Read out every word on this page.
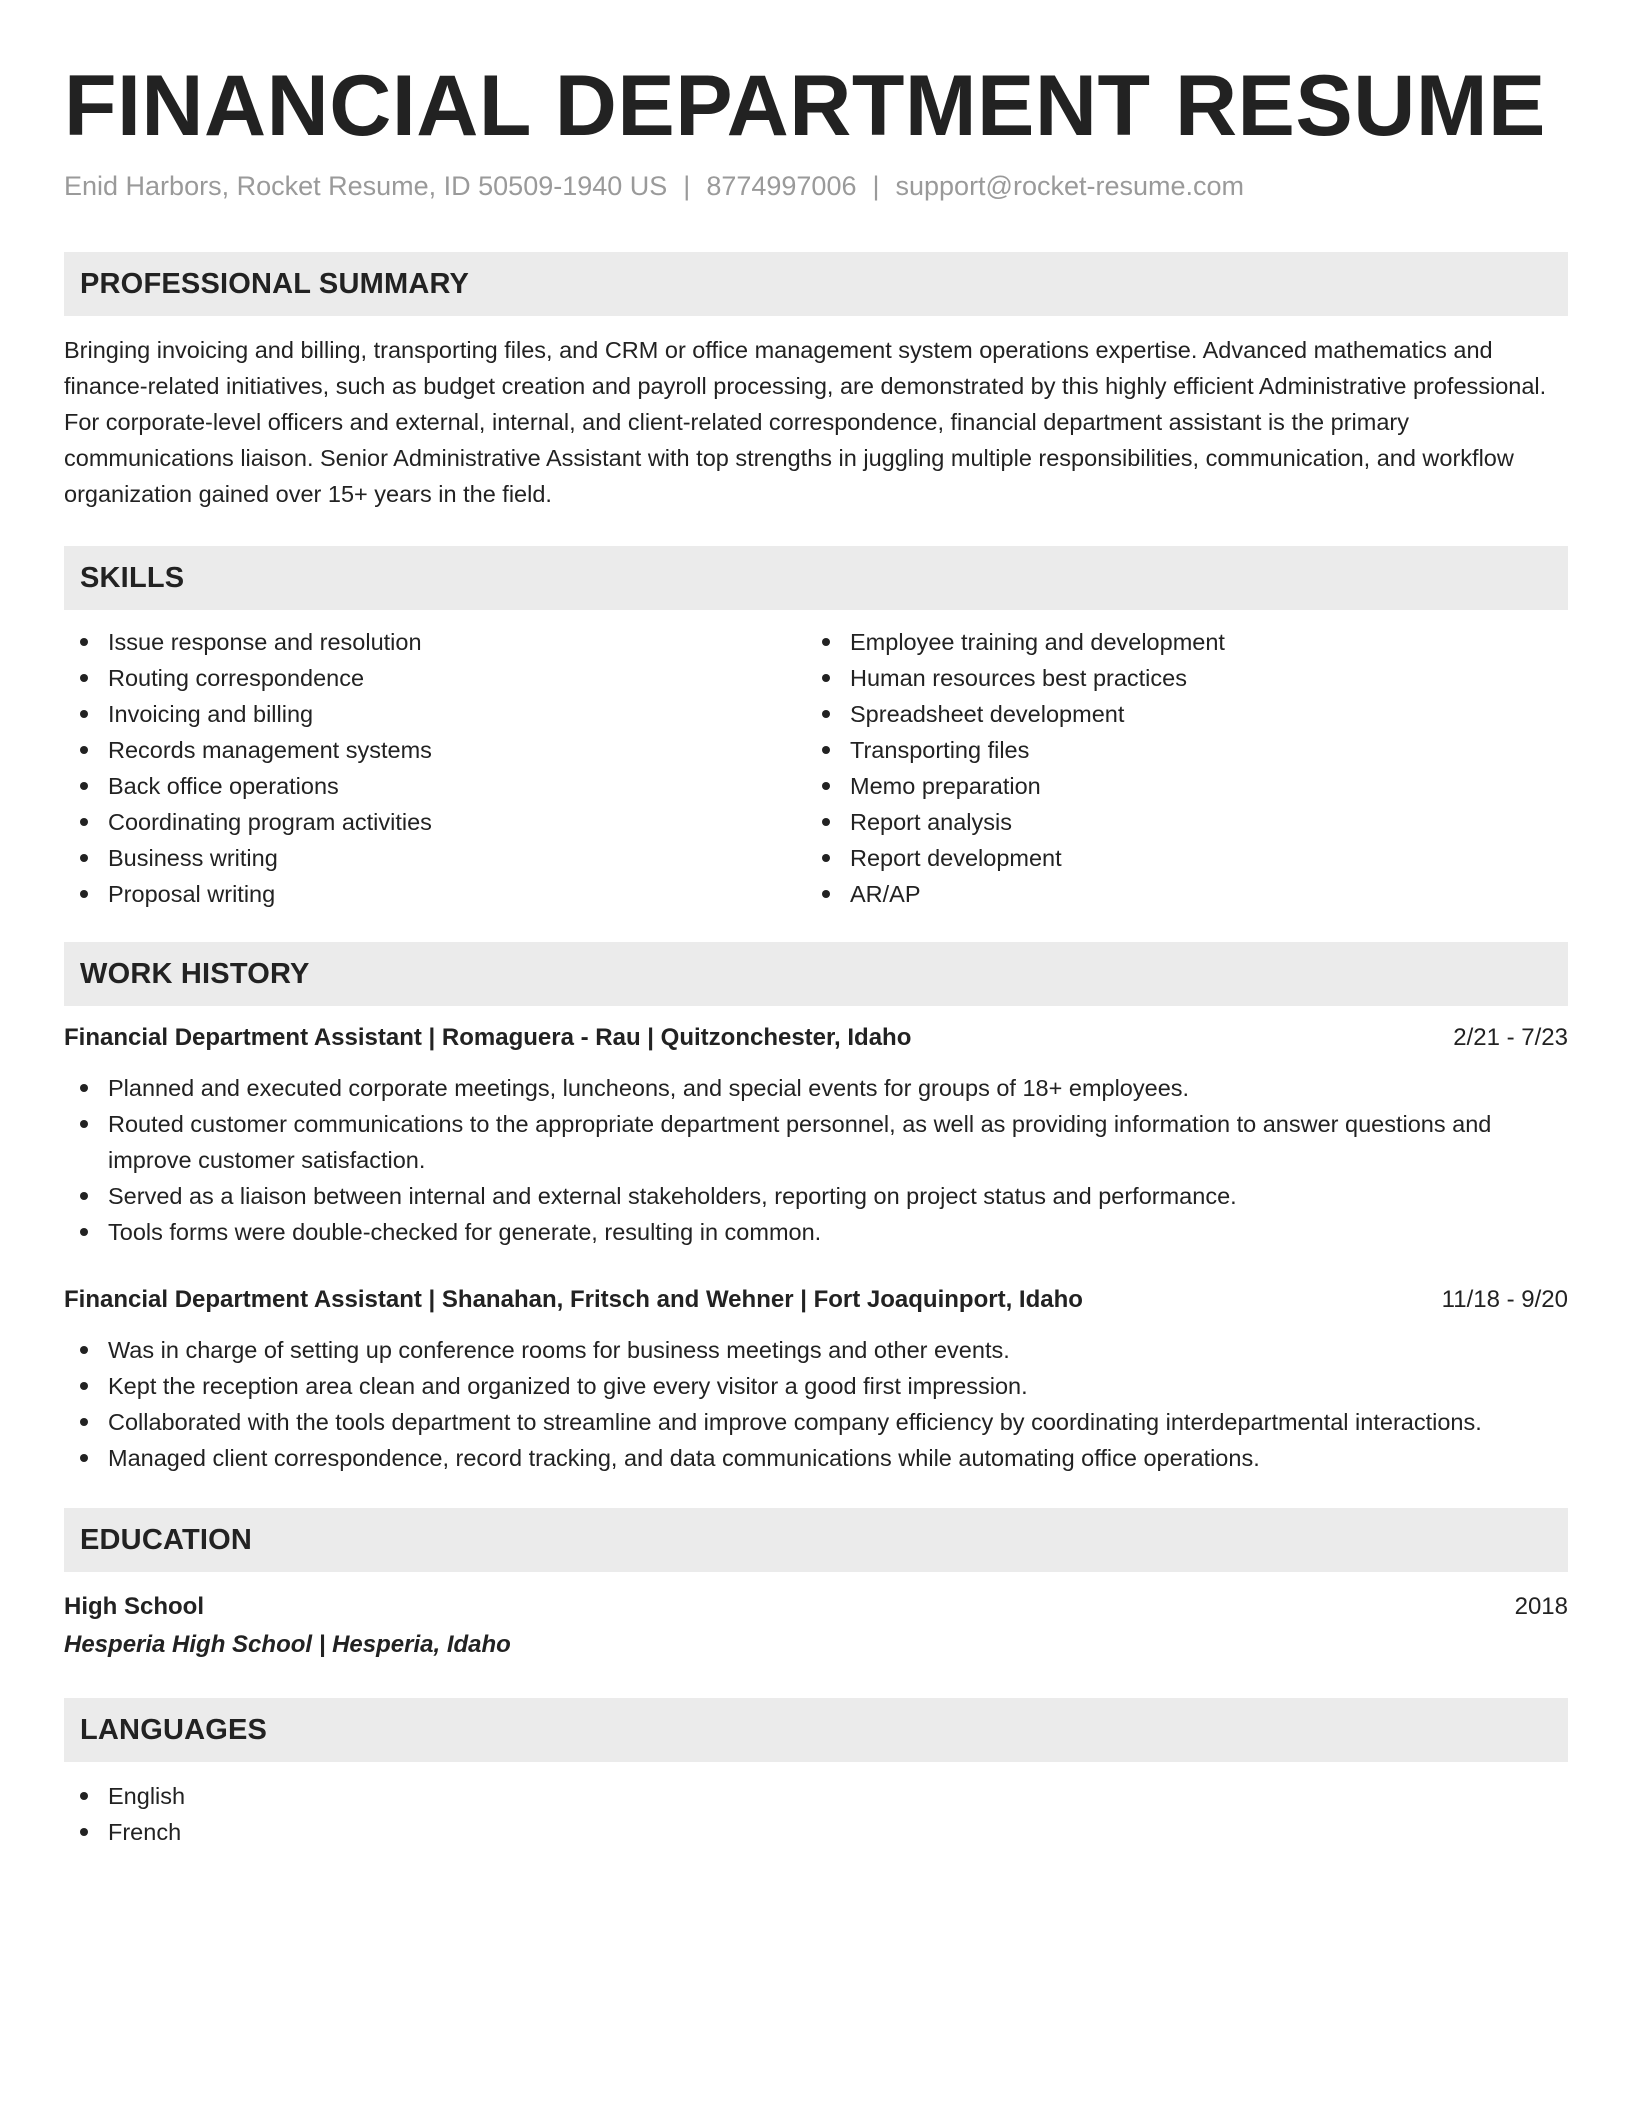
FINANCIAL DEPARTMENT RESUME
Enid Harbors, Rocket Resume, ID 50509-1940 US | 8774997006 | support@rocket-resume.com
PROFESSIONAL SUMMARY

Bringing invoicing and billing, transporting files, and CRM or office management system operations expertise. Advanced mathematics and finance-related initiatives, such as budget creation and payroll processing, are demonstrated by this highly efficient Administrative professional. For corporate-level officers and external, internal, and client-related correspondence, financial department assistant is the primary communications liaison. Senior Administrative Assistant with top strengths in juggling multiple responsibilities, communication, and workflow organization gained over 15+ years in the field.

SKILLS
Issue response and resolution
Routing correspondence
Invoicing and billing
Records management systems
Back office operations
Coordinating program activities
Business writing
Proposal writing
Employee training and development
Human resources best practices
Spreadsheet development
Transporting files
Memo preparation
Report analysis
Report development
AR/AP
WORK HISTORY
Financial Department Assistant | Romaguera - Rau | Quitzonchester, Idaho	2/21 - 7/23
Planned and executed corporate meetings, luncheons, and special events for groups of 18+ employees.
Routed customer communications to the appropriate department personnel, as well as providing information to answer questions and improve customer satisfaction.
Served as a liaison between internal and external stakeholders, reporting on project status and performance.
Tools forms were double-checked for generate, resulting in common.
Financial Department Assistant | Shanahan, Fritsch and Wehner | Fort Joaquinport, Idaho	11/18 - 9/20
Was in charge of setting up conference rooms for business meetings and other events.
Kept the reception area clean and organized to give every visitor a good first impression.
Collaborated with the tools department to streamline and improve company efficiency by coordinating interdepartmental interactions.
Managed client correspondence, record tracking, and data communications while automating office operations.
EDUCATION
High School	2018
Hesperia High School | Hesperia, Idaho
LANGUAGES
English
French
